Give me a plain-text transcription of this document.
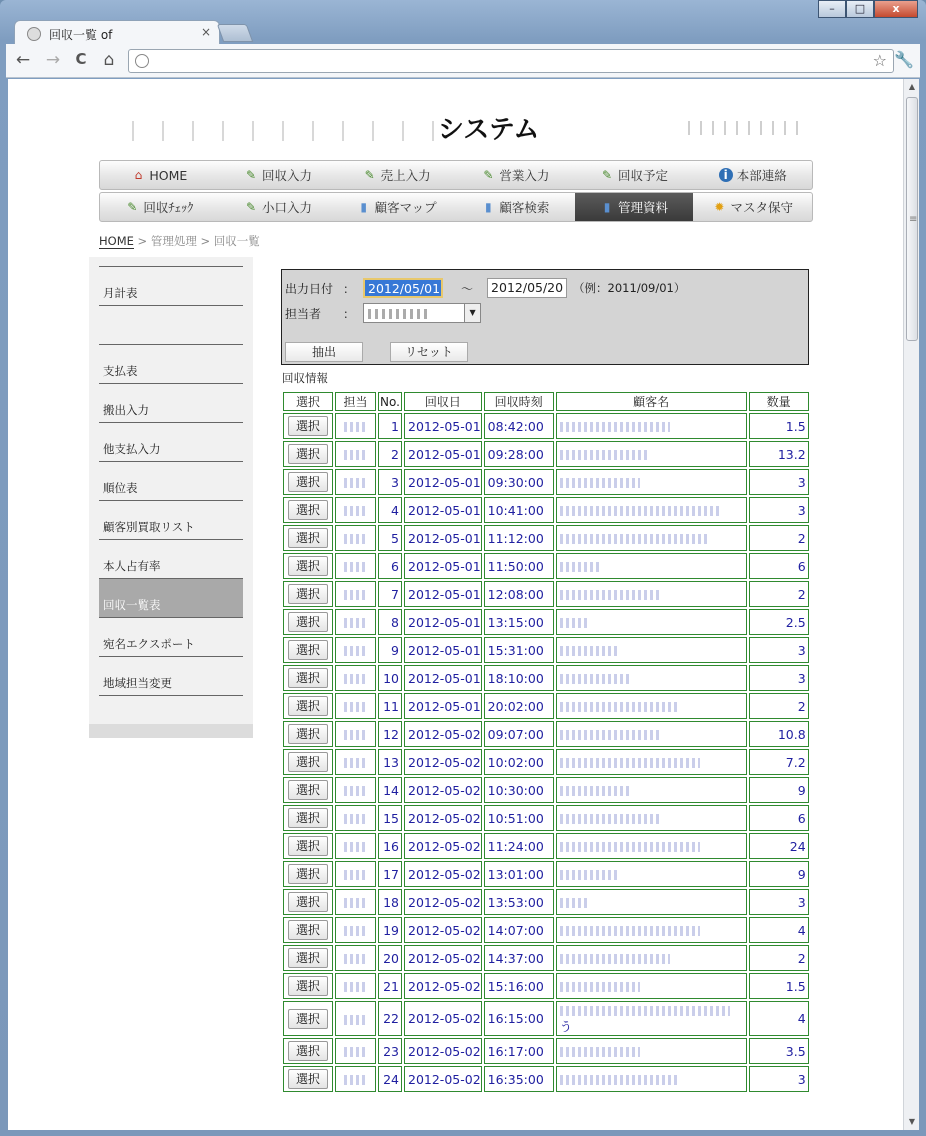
–	□	x
回収一覧 of	×
← →	C	⌂	☆ 🔧
システム
⌂ HOME	✎ 回収入力	✎ 売上入力	✎ 営業入力	✎ 回収予定	i 本部連絡
✎ 回収ﾁｪｯｸ	✎ 小口入力	▮ 顧客マップ	▮ 顧客検索	▮ 管理資料	✹ マスタ保守
HOME > 管理処理 > 回収一覧
月計表
支払表
搬出入力
他支払入力
順位表
顧客別買取リスト
本人占有率
回収一覧表
宛名エクスポート
地域担当変更
出力日付 ：	2012/05/01 ～	2012/05/20 （例：2011/09/01）
担当者 ：	▼
抽出	リセット
回収情報
選択	担当	No.	回収日	回収時刻	顧客名	数量
選択		1	2012-05-01	08:42:00		1.5
選択		2	2012-05-01	09:28:00		13.2
選択		3	2012-05-01	09:30:00		3
選択		4	2012-05-01	10:41:00		3
選択		5	2012-05-01	11:12:00		2
選択		6	2012-05-01	11:50:00		6
選択		7	2012-05-01	12:08:00		2
選択		8	2012-05-01	13:15:00		2.5
選択		9	2012-05-01	15:31:00		3
選択		10	2012-05-01	18:10:00		3
選択		11	2012-05-01	20:02:00		2
選択		12	2012-05-02	09:07:00		10.8
選択		13	2012-05-02	10:02:00		7.2
選択		14	2012-05-02	10:30:00		9
選択		15	2012-05-02	10:51:00		6
選択		16	2012-05-02	11:24:00		24
選択		17	2012-05-02	13:01:00		9
選択		18	2012-05-02	13:53:00		3
選択		19	2012-05-02	14:07:00		4
選択		20	2012-05-02	14:37:00		2
選択		21	2012-05-02	15:16:00		1.5
選択		22	2012-05-02	16:15:00	う	4
選択		23	2012-05-02	16:17:00		3.5
選択		24	2012-05-02	16:35:00		3
▲
≡
▼
